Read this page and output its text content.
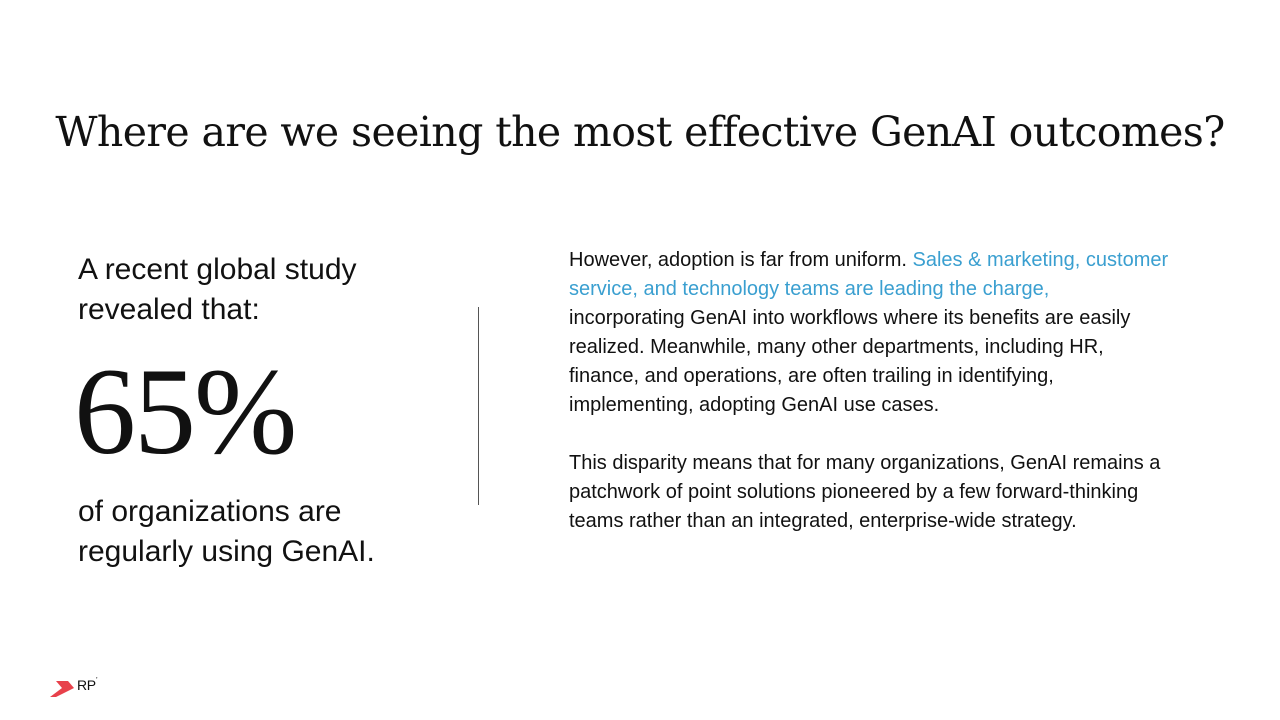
Where are we seeing the most effective GenAI outcomes?

A recent global study revealed that:

65%

of organizations are regularly using GenAI.

However, adoption is far from uniform. Sales & marketing, customer service, and technology teams are leading the charge, incorporating GenAI into workflows where its benefits are easily realized. Meanwhile, many other departments, including HR, finance, and operations, are often trailing in identifying, implementing, adopting GenAI use cases.

This disparity means that for many organizations, GenAI remains a patchwork of point solutions pioneered by a few forward-thinking teams rather than an integrated, enterprise-wide strategy.

RP ’
